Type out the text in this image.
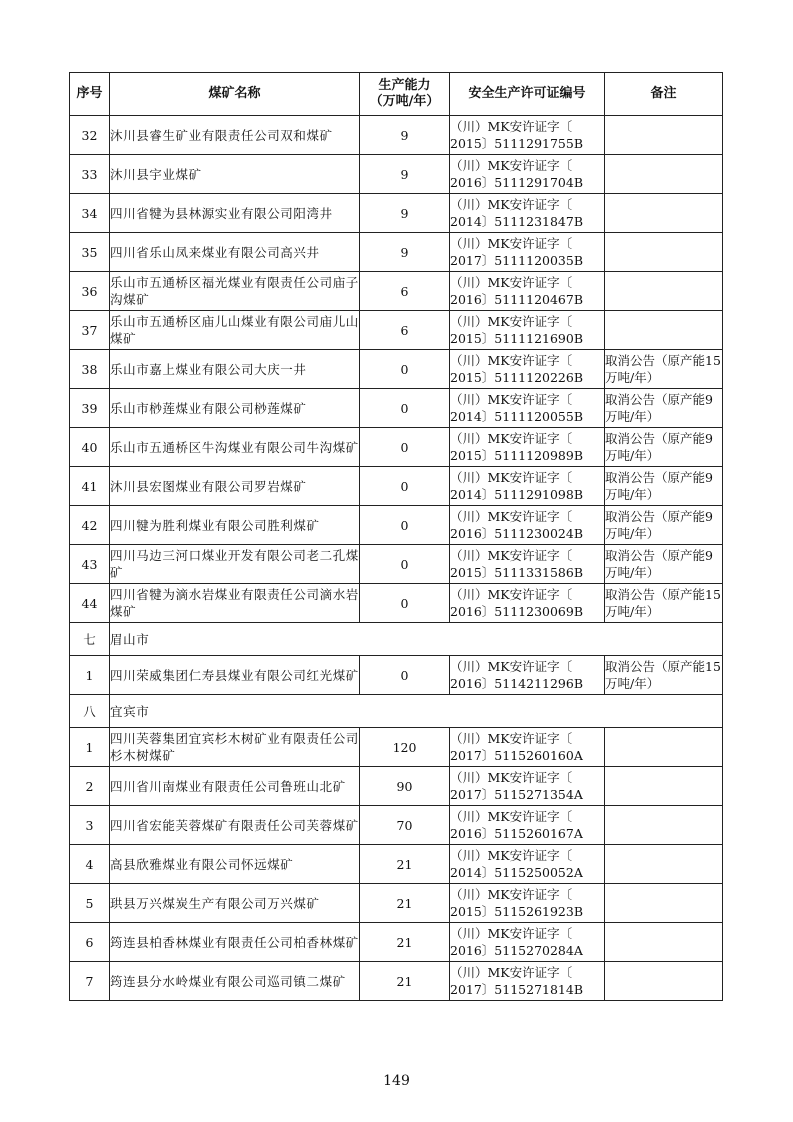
序号	煤矿名称	生产能力
（万吨/年）	安全生产许可证编号	备注
32	沐川县睿生矿业有限责任公司双和煤矿	9	（川）MK安许证字〔
2015〕5111291755B	

33	沐川县宇业煤矿	9	（川）MK安许证字〔
2016〕5111291704B	

34	四川省犍为县林源实业有限公司阳湾井	9	（川）MK安许证字〔
2014〕5111231847B	

35	四川省乐山凤来煤业有限公司高兴井	9	（川）MK安许证字〔
2017〕5111120035B	

36	乐山市五通桥区福光煤业有限责任公司庙子沟煤矿	6	（川）MK安许证字〔
2016〕5111120467B	

37	乐山市五通桥区庙儿山煤业有限公司庙儿山煤矿	6	（川）MK安许证字〔
2015〕5111121690B	

38	乐山市嘉上煤业有限公司大庆一井	0	（川）MK安许证字〔
2015〕5111120226B	取消公告（原产能15万吨/年）
39	乐山市桫莲煤业有限公司桫莲煤矿	0	（川）MK安许证字〔
2014〕5111120055B	取消公告（原产能9万吨/年）
40	乐山市五通桥区牛沟煤业有限公司牛沟煤矿	0	（川）MK安许证字〔
2015〕5111120989B	取消公告（原产能9万吨/年）
41	沐川县宏图煤业有限公司罗岩煤矿	0	（川）MK安许证字〔
2014〕5111291098B	取消公告（原产能9万吨/年）
42	四川犍为胜利煤业有限公司胜利煤矿	0	（川）MK安许证字〔
2016〕5111230024B	取消公告（原产能9万吨/年）
43	四川马边三河口煤业开发有限公司老二孔煤矿	0	（川）MK安许证字〔
2015〕5111331586B	取消公告（原产能9万吨/年）
44	四川省犍为滴水岩煤业有限责任公司滴水岩煤矿	0	（川）MK安许证字〔
2016〕5111230069B	取消公告（原产能15万吨/年）
七	眉山市			
1	四川荣威集团仁寿县煤业有限公司红光煤矿	0	（川）MK安许证字〔
2016〕5114211296B	取消公告（原产能15万吨/年）
八	宜宾市			
1	四川芙蓉集团宜宾杉木树矿业有限责任公司杉木树煤矿	120	（川）MK安许证字〔
2017〕5115260160A	

2	四川省川南煤业有限责任公司鲁班山北矿	90	（川）MK安许证字〔
2017〕5115271354A	

3	四川省宏能芙蓉煤矿有限责任公司芙蓉煤矿	70	（川）MK安许证字〔
2016〕5115260167A	

4	高县欣雅煤业有限公司怀远煤矿	21	（川）MK安许证字〔
2014〕5115250052A	

5	珙县万兴煤炭生产有限公司万兴煤矿	21	（川）MK安许证字〔
2015〕5115261923B	

6	筠连县柏香林煤业有限责任公司柏香林煤矿	21	（川）MK安许证字〔
2016〕5115270284A	

7	筠连县分水岭煤业有限公司巡司镇二煤矿	21	（川）MK安许证字〔
2017〕5115271814B	

149
